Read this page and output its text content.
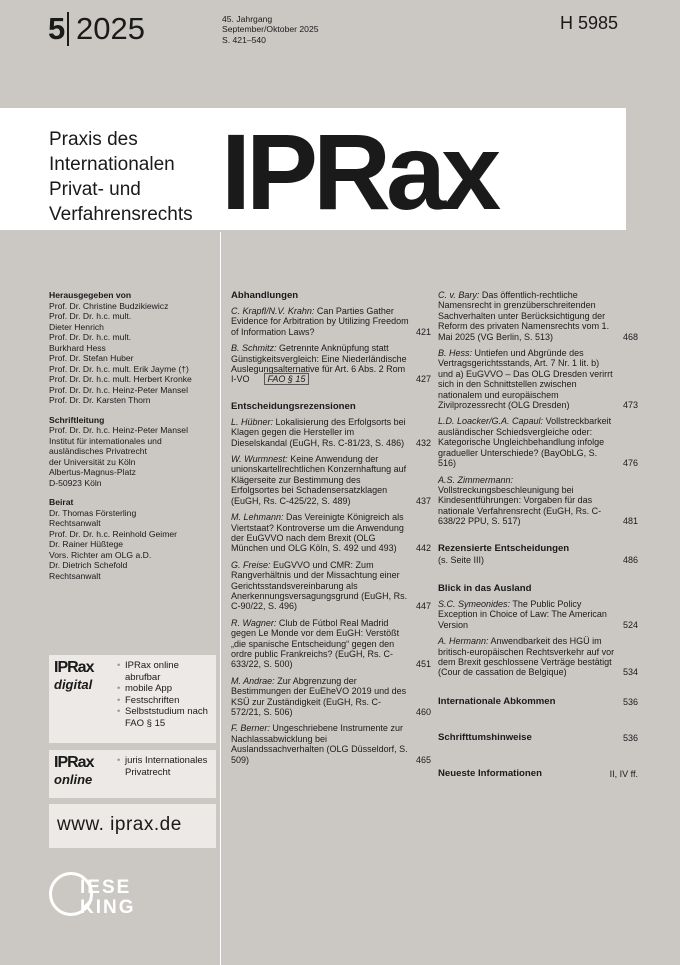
5 2025	45. Jahrgang
September/Oktober 2025
S. 421–540
H 5985
Praxis des
Internationalen
Privat- und
Verfahrensrechts IPRax
Herausgegeben von
Prof. Dr. Christine Budzikiewicz
Prof. Dr. Dr. h.c. mult.
Dieter Henrich
Prof. Dr. Dr. h.c. mult.
Burkhard Hess
Prof. Dr. Stefan Huber
Prof. Dr. Dr. h.c. mult. Erik Jayme (†)
Prof. Dr. Dr. h.c. mult. Herbert Kronke
Prof. Dr. Dr. h.c. Heinz-Peter Mansel
Prof. Dr. Dr. Karsten Thorn
Schriftleitung
Prof. Dr. Dr. h.c. Heinz-Peter Mansel
Institut für internationales und
ausländisches Privatrecht
der Universität zu Köln
Albertus-Magnus-Platz
D-50923 Köln
Beirat
Dr. Thomas Försterling
Rechtsanwalt
Prof. Dr. Dr. h.c. Reinhold Geimer
Dr. Rainer Hüßtege
Vors. Richter am OLG a.D.
Dr. Dietrich Schefold
Rechtsanwalt
IPRax
digital
• IPRax online abrufbar
• mobile App
• Festschriften
• Selbststudium nach FAO § 15
IPRax
online
• juris Internationales Privatrecht
www. iprax.de
IESE
KING
Abhandlungen
C. Krapfl/N.V. Krahn: Can Parties Gather Evidence for Arbitration by Utilizing Freedom of Information Laws?	421
B. Schmitz: Getrennte Anknüpfung statt Günstigkeitsvergleich: Eine Niederländische Auslegungsalternative für Art. 6 Abs. 2 Rom I-VO FAO § 15	427
Entscheidungsrezensionen
L. Hübner: Lokalisierung des Erfolgsorts bei Klagen gegen die Hersteller im Dieselskandal (EuGH, Rs. C-81/23, S. 486) 432
W. Wurmnest: Keine Anwendung der unionskartellrechtlichen Konzernhaftung auf Klägerseite zur Bestimmung des Erfolgsortes bei Schadensersatzklagen (EuGH, Rs. C-425/22, S. 489)	437
M. Lehmann: Das Vereinigte Königreich als Viertstaat? Kontroverse um die Anwendung der EuGVVO nach dem Brexit (OLG München und OLG Köln, S. 492 und 493) 442
G. Freise: EuGVVO und CMR: Zum Rangverhältnis und der Missachtung einer Gerichtsstandsvereinbarung als Anerkennungsversagungsgrund (EuGH, Rs. C-90/22, S. 496)	447
R. Wagner: Club de Fútbol Real Madrid gegen Le Monde vor dem EuGH: Verstößt „die spanische Entscheidung“ gegen den ordre public Frankreichs? (EuGH, Rs. C-633/22, S. 500)	451
M. Andrae: Zur Abgrenzung der Bestimmungen der EuEheVO 2019 und des KSÜ zur Zuständigkeit (EuGH, Rs. C-572/21, S. 506)	460
F. Berner: Ungeschriebene Instrumente zur Nachlassabwicklung bei Auslandssachverhalten (OLG Düsseldorf, S. 509)	465
C. v. Bary: Das öffentlich-rechtliche Namensrecht in grenzüberschreitenden Sachverhalten unter Berücksichtigung der Reform des privaten Namensrechts vom 1. Mai 2025 (VG Berlin, S. 513)	468
B. Hess: Untiefen und Abgründe des Vertragsgerichtsstands, Art. 7 Nr. 1 lit. b) und a) EuGVVO – Das OLG Dresden verirrt sich in den Schnittstellen zwischen nationalem und europäischem Zivilprozessrecht (OLG Dresden)	473
L.D. Loacker/G.A. Capaul: Vollstreckbarkeit ausländischer Schiedsvergleiche oder: Kategorische Ungleichbehandlung infolge gradueller Unterschiede? (BayObLG, S. 516)	476
A.S. Zimmermann: Vollstreckungsbeschleunigung bei Kindesentführungen: Vorgaben für das nationale Verfahrensrecht (EuGH, Rs. C-638/22 PPU, S. 517)	481
Rezensierte Entscheidungen
(s. Seite III)	486
Blick in das Ausland
S.C. Symeonides: The Public Policy Exception in Choice of Law: The American Version	524
A. Hermann: Anwendbarkeit des HGÜ im britisch-europäischen Rechtsverkehr auf vor dem Brexit geschlossene Verträge bestätigt (Cour de cassation de Belgique)	534
Internationale Abkommen	536
Schrifttumshinweise	536
Neueste Informationen	II, IV ff.
